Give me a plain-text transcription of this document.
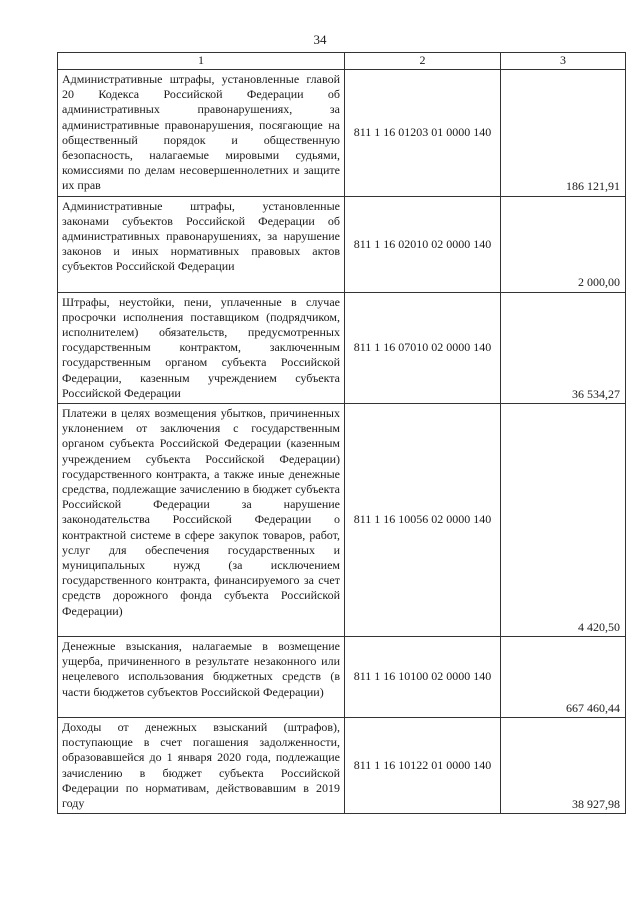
34
1	2	3
Административные штрафы, установленные главой 20 Кодекса Российской Федерации об административных правонарушениях, за административные правонарушения, посягающие на общественный порядок и общественную безопасность, налагаемые мировыми судьями, комиссиями по делам несовершеннолетних и защите их прав	811 1 16 01203 01 0000 140	186 121,91
Административные штрафы, установленные законами субъектов Российской Федерации об административных правонарушениях, за нарушение законов и иных нормативных правовых актов субъектов Российской Федерации	811 1 16 02010 02 0000 140	2 000,00
Штрафы, неустойки, пени, уплаченные в случае просрочки исполнения поставщиком (подрядчиком, исполнителем) обязательств, предусмотренных государственным контрактом, заключенным государственным органом субъекта Российской Федерации, казенным учреждением субъекта Российской Федерации	811 1 16 07010 02 0000 140	36 534,27
Платежи в целях возмещения убытков, причиненных уклонением от заключения с государственным органом субъекта Российской Федерации (казенным учреждением субъекта Российской Федерации) государственного контракта, а также иные денежные средства, подлежащие зачислению в бюджет субъекта Российской Федерации за нарушение законодательства Российской Федерации о контрактной системе в сфере закупок товаров, работ, услуг для обеспечения государственных и муниципальных нужд (за исключением государственного контракта, финансируемого за счет средств дорожного фонда субъекта Российской Федерации)	811 1 16 10056 02 0000 140	4 420,50
Денежные взыскания, налагаемые в возмещение ущерба, причиненного в результате незаконного или нецелевого использования бюджетных средств (в части бюджетов субъектов Российской Федерации)	811 1 16 10100 02 0000 140	667 460,44
Доходы от денежных взысканий (штрафов), поступающие в счет погашения задолженности, образовавшейся до 1 января 2020 года, подлежащие зачислению в бюджет субъекта Российской Федерации по нормативам, действовавшим в 2019 году	811 1 16 10122 01 0000 140	38 927,98
